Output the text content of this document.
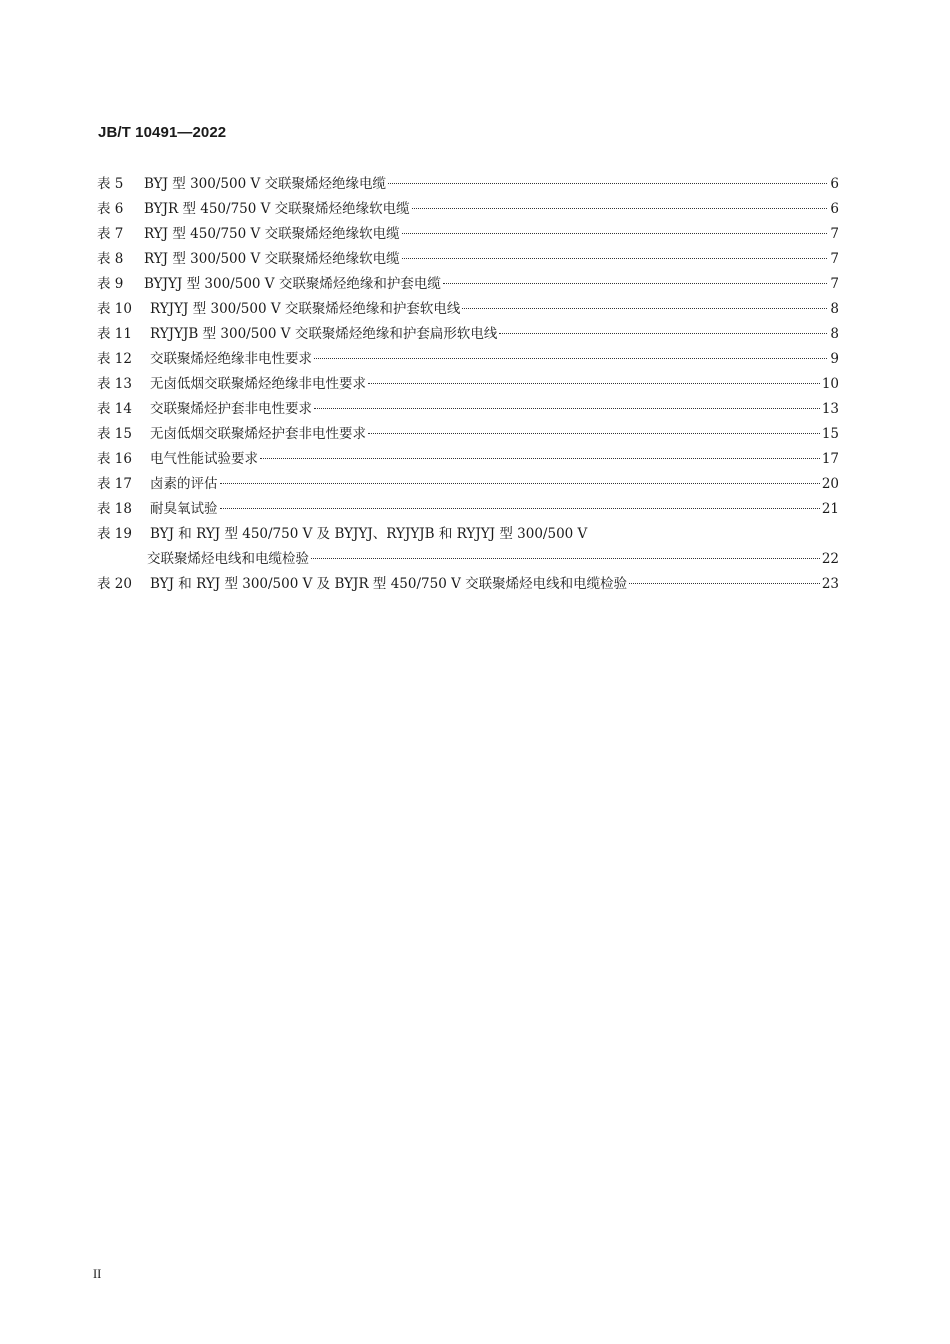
JB/T 10491—2022
表 5 BYJ 型 300/500 V 交联聚烯烃绝缘电缆	6
表 6 BYJR 型 450/750 V 交联聚烯烃绝缘软电缆	6
表 7 RYJ 型 450/750 V 交联聚烯烃绝缘软电缆	7
表 8 RYJ 型 300/500 V 交联聚烯烃绝缘软电缆	7
表 9 BYJYJ 型 300/500 V 交联聚烯烃绝缘和护套电缆	7
表 10 RYJYJ 型 300/500 V 交联聚烯烃绝缘和护套软电线	8
表 11 RYJYJB 型 300/500 V 交联聚烯烃绝缘和护套扁形软电线	8
表 12 交联聚烯烃绝缘非电性要求	9
表 13 无卤低烟交联聚烯烃绝缘非电性要求	10
表 14 交联聚烯烃护套非电性要求	13
表 15 无卤低烟交联聚烯烃护套非电性要求	15
表 16 电气性能试验要求	17
表 17 卤素的评估	20
表 18 耐臭氧试验	21
表 19 BYJ 和 RYJ 型 450/750 V 及 BYJYJ、RYJYJB 和 RYJYJ 型 300/500 V
交联聚烯烃电线和电缆检验	22
表 20 BYJ 和 RYJ 型 300/500 V 及 BYJR 型 450/750 V 交联聚烯烃电线和电缆检验	23
II
